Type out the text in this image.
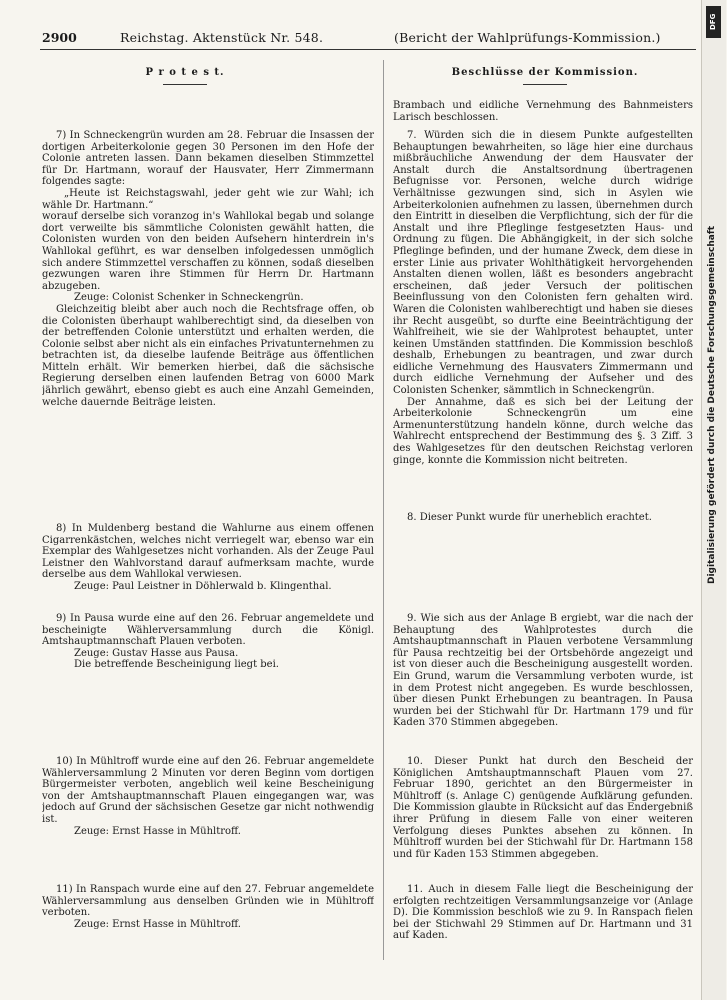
2900	Reichstag. Aktenstück Nr. 548.	(Bericht der Wahlprüfungs-Kommission.)
P r o t e s t.	Beschlüsse der Kommission.
DFG
Digitalisierung gefördert durch die Deutsche Forschungsgemeinschaft

7) In Schneckengrün wurden am 28. Februar die Insassen der dortigen Arbeiterkolonie gegen 30 Personen im den Hofe der Colonie antreten lassen. Dann bekamen dieselben Stimmzettel für Dr. Hartmann, worauf der Hausvater, Herr Zimmermann folgendes sagte:

„Heute ist Reichstagswahl, jeder geht wie zur Wahl; ich wähle Dr. Hartmann.“

worauf derselbe sich voranzog in's Wahllokal begab und solange dort verweilte bis sämmtliche Colonisten gewählt hatten, die Colonisten wurden von den beiden Aufsehern hinterdrein in's Wahllokal geführt, es war denselben infolgedessen unmöglich sich andere Stimmzettel verschaffen zu können, sodaß dieselben gezwungen waren ihre Stimmen für Herrn Dr. Hartmann abzugeben.

Zeuge: Colonist Schenker in Schneckengrün.

Gleichzeitig bleibt aber auch noch die Rechtsfrage offen, ob die Colonisten überhaupt wahlberechtigt sind, da dieselben von der betreffenden Colonie unterstützt und erhalten werden, die Colonie selbst aber nicht als ein einfaches Privatunternehmen zu betrachten ist, da dieselbe laufende Beiträge aus öffentlichen Mitteln erhält. Wir bemerken hierbei, daß die sächsische Regierung derselben einen laufenden Betrag von 6000 Mark jährlich gewährt, ebenso giebt es auch eine Anzahl Gemeinden, welche dauernde Beiträge leisten.

8) In Muldenberg bestand die Wahlurne aus einem offenen Cigarrenkästchen, welches nicht verriegelt war, ebenso war ein Exemplar des Wahlgesetzes nicht vorhanden. Als der Zeuge Paul Leistner den Wahlvorstand darauf aufmerksam machte, wurde derselbe aus dem Wahllokal verwiesen.

Zeuge: Paul Leistner in Döhlerwald b. Klingenthal.

9) In Pausa wurde eine auf den 26. Februar angemeldete und bescheinigte Wählerversammlung durch die Königl. Amtshauptmannschaft Plauen verboten.

Zeuge: Gustav Hasse aus Pausa.

Die betreffende Bescheinigung liegt bei.

10) In Mühltroff wurde eine auf den 26. Februar angemeldete Wählerversammlung 2 Minuten vor deren Beginn vom dortigen Bürgermeister verboten, angeblich weil keine Bescheinigung von der Amtshauptmannschaft Plauen eingegangen war, was jedoch auf Grund der sächsischen Gesetze gar nicht nothwendig ist.

Zeuge: Ernst Hasse in Mühltroff.

11) In Ranspach wurde eine auf den 27. Februar angemeldete Wählerversammlung aus denselben Gründen wie in Mühltroff verboten.

Zeuge: Ernst Hasse in Mühltroff.

Brambach und eidliche Vernehmung des Bahnmeisters Larisch beschlossen.

7. Würden sich die in diesem Punkte aufgestellten Behauptungen bewahrheiten, so läge hier eine durchaus mißbräuchliche Anwendung der dem Hausvater der Anstalt durch die Anstaltsordnung übertragenen Befugnisse vor. Personen, welche durch widrige Verhältnisse gezwungen sind, sich in Asylen wie Arbeiterkolonien aufnehmen zu lassen, übernehmen durch den Eintritt in dieselben die Verpflichtung, sich der für die Anstalt und ihre Pfleglinge festgesetzten Haus- und Ordnung zu fügen. Die Abhängigkeit, in der sich solche Pfleglinge befinden, und der humane Zweck, dem diese in erster Linie aus privater Wohlthätigkeit hervorgehenden Anstalten dienen wollen, läßt es besonders angebracht erscheinen, daß jeder Versuch der politischen Beeinflussung von den Colonisten fern gehalten wird. Waren die Colonisten wahlberechtigt und haben sie dieses ihr Recht ausgeübt, so durfte eine Beeinträchtigung der Wahlfreiheit, wie sie der Wahlprotest behauptet, unter keinen Umständen stattfinden. Die Kommission beschloß deshalb, Erhebungen zu beantragen, und zwar durch eidliche Vernehmung des Hausvaters Zimmermann und durch eidliche Vernehmung der Aufseher und des Colonisten Schenker, sämmtlich in Schneckengrün.

Der Annahme, daß es sich bei der Leitung der Arbeiterkolonie Schneckengrün um eine Armenunterstützung handeln könne, durch welche das Wahlrecht entsprechend der Bestimmung des §. 3 Ziff. 3 des Wahlgesetzes für den deutschen Reichstag verloren ginge, konnte die Kommission nicht beitreten.

8. Dieser Punkt wurde für unerheblich erachtet.

9. Wie sich aus der Anlage B ergiebt, war die nach der Behauptung des Wahlprotestes durch die Amtshauptmannschaft in Plauen verbotene Versammlung für Pausa rechtzeitig bei der Ortsbehörde angezeigt und ist von dieser auch die Bescheinigung ausgestellt worden. Ein Grund, warum die Versammlung verboten wurde, ist in dem Protest nicht angegeben. Es wurde beschlossen, über diesen Punkt Erhebungen zu beantragen. In Pausa wurden bei der Stichwahl für Dr. Hartmann 179 und für Kaden 370 Stimmen abgegeben.

10. Dieser Punkt hat durch den Bescheid der Königlichen Amtshauptmannschaft Plauen vom 27. Februar 1890, gerichtet an den Bürgermeister in Mühltroff (s. Anlage C) genügende Aufklärung gefunden. Die Kommission glaubte in Rücksicht auf das Endergebniß ihrer Prüfung in diesem Falle von einer weiteren Verfolgung dieses Punktes absehen zu können. In Mühltroff wurden bei der Stichwahl für Dr. Hartmann 158 und für Kaden 153 Stimmen abgegeben.

11. Auch in diesem Falle liegt die Bescheinigung der erfolgten rechtzeitigen Versammlungsanzeige vor (Anlage D). Die Kommission beschloß wie zu 9. In Ranspach fielen bei der Stichwahl 29 Stimmen auf Dr. Hartmann und 31 auf Kaden.
